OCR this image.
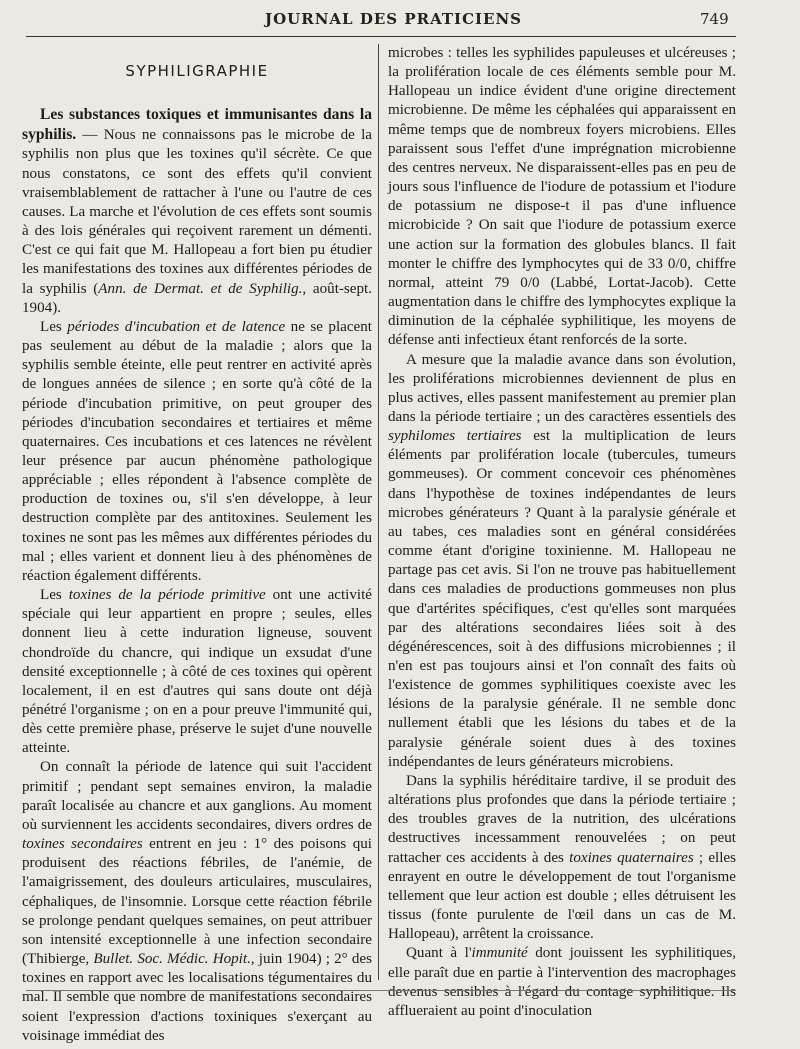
JOURNAL DES PRATICIENS	749
SYPHILIGRAPHIE

Les substances toxiques et immunisantes dans la syphilis. — Nous ne connaissons pas le microbe de la syphilis non plus que les toxines qu'il sécrète. Ce que nous constatons, ce sont des effets qu'il convient vraisemblablement de rattacher à l'une ou l'autre de ces causes. La marche et l'évolution de ces effets sont soumis à des lois générales qui reçoivent rarement un démenti. C'est ce qui fait que M. Hallopeau a fort bien pu étudier les manifestations des toxines aux différentes périodes de la syphilis (Ann. de Dermat. et de Syphilig., août-sept. 1904).

Les périodes d'incubation et de latence ne se placent pas seulement au début de la maladie ; alors que la syphilis semble éteinte, elle peut rentrer en activité après de longues années de silence ; en sorte qu'à côté de la période d'incubation primitive, on peut grouper des périodes d'incubation secondaires et tertiaires et même quaternaires. Ces incubations et ces latences ne révèlent leur présence par aucun phénomène pathologique appréciable ; elles répondent à l'absence complète de production de toxines ou, s'il s'en développe, à leur destruction complète par des antitoxines. Seulement les toxines ne sont pas les mêmes aux différentes périodes du mal ; elles varient et donnent lieu à des phénomènes de réaction également différents.

Les toxines de la période primitive ont une activité spéciale qui leur appartient en propre ; seules, elles donnent lieu à cette induration ligneuse, souvent chondroïde du chancre, qui indique un exsudat d'une densité exceptionnelle ; à côté de ces toxines qui opèrent localement, il en est d'autres qui sans doute ont déjà pénétré l'organisme ; on en a pour preuve l'immunité qui, dès cette première phase, préserve le sujet d'une nouvelle atteinte.

On connaît la période de latence qui suit l'accident primitif ; pendant sept semaines environ, la maladie paraît localisée au chancre et aux ganglions. Au moment où surviennent les accidents secondaires, divers ordres de toxines secondaires entrent en jeu : 1° des poisons qui produisent des réactions fébriles, de l'anémie, de l'amaigrissement, des douleurs articulaires, musculaires, céphaliques, de l'insomnie. Lorsque cette réaction fébrile se prolonge pendant quelques semaines, on peut attribuer son intensité exceptionnelle à une infection secondaire (Thibierge, Bullet. Soc. Médic. Hopit., juin 1904) ; 2° des toxines en rapport avec les localisations tégumentaires du mal. Il semble que nombre de manifestations secondaires soient l'expression d'actions toxiniques s'exerçant au voisinage immédiat des

microbes : telles les syphilides papuleuses et ulcéreuses ; la prolifération locale de ces éléments semble pour M. Hallopeau un indice évident d'une origine directement microbienne. De même les céphalées qui apparaissent en même temps que de nombreux foyers microbiens. Elles paraissent sous l'effet d'une imprégnation microbienne des centres nerveux. Ne disparaissent-elles pas en peu de jours sous l'influence de l'iodure de potassium et l'iodure de potassium ne dispose-t il pas d'une influence microbicide ? On sait que l'iodure de potassium exerce une action sur la formation des globules blancs. Il fait monter le chiffre des lymphocytes qui de 33 0/0, chiffre normal, atteint 79 0/0 (Labbé, Lortat-Jacob). Cette augmentation dans le chiffre des lymphocytes explique la diminution de la céphalée syphilitique, les moyens de défense anti infectieux étant renforcés de la sorte.

A mesure que la maladie avance dans son évolution, les proliférations microbiennes deviennent de plus en plus actives, elles passent manifestement au premier plan dans la période tertiaire ; un des caractères essentiels des syphilomes tertiaires est la multiplication de leurs éléments par prolifération locale (tubercules, tumeurs gommeuses). Or comment concevoir ces phénomènes dans l'hypothèse de toxines indépendantes de leurs microbes générateurs ? Quant à la paralysie générale et au tabes, ces maladies sont en général considérées comme étant d'origine toxinienne. M. Hallopeau ne partage pas cet avis. Si l'on ne trouve pas habituellement dans ces maladies de productions gommeuses non plus que d'artérites spécifiques, c'est qu'elles sont marquées par des altérations secondaires liées soit à des dégénérescences, soit à des diffusions microbiennes ; il n'en est pas toujours ainsi et l'on connaît des faits où l'existence de gommes syphilitiques coexiste avec les lésions de la paralysie générale. Il ne semble donc nullement établi que les lésions du tabes et de la paralysie générale soient dues à des toxines indépendantes de leurs générateurs microbiens.

Dans la syphilis héréditaire tardive, il se produit des altérations plus profondes que dans la période tertiaire ; des troubles graves de la nutrition, des ulcérations destructives incessamment renouvelées ; on peut rattacher ces accidents à des toxines quaternaires ; elles enrayent en outre le développement de tout l'organisme tellement que leur action est double ; elles détruisent les tissus (fonte purulente de l'œil dans un cas de M. Hallopeau), arrêtent la croissance.

Quant à l'immunité dont jouissent les syphilitiques, elle paraît due en partie à l'intervention des macrophages devenus sensibles à l'égard du contage syphilitique. Ils afflueraient au point d'inoculation
